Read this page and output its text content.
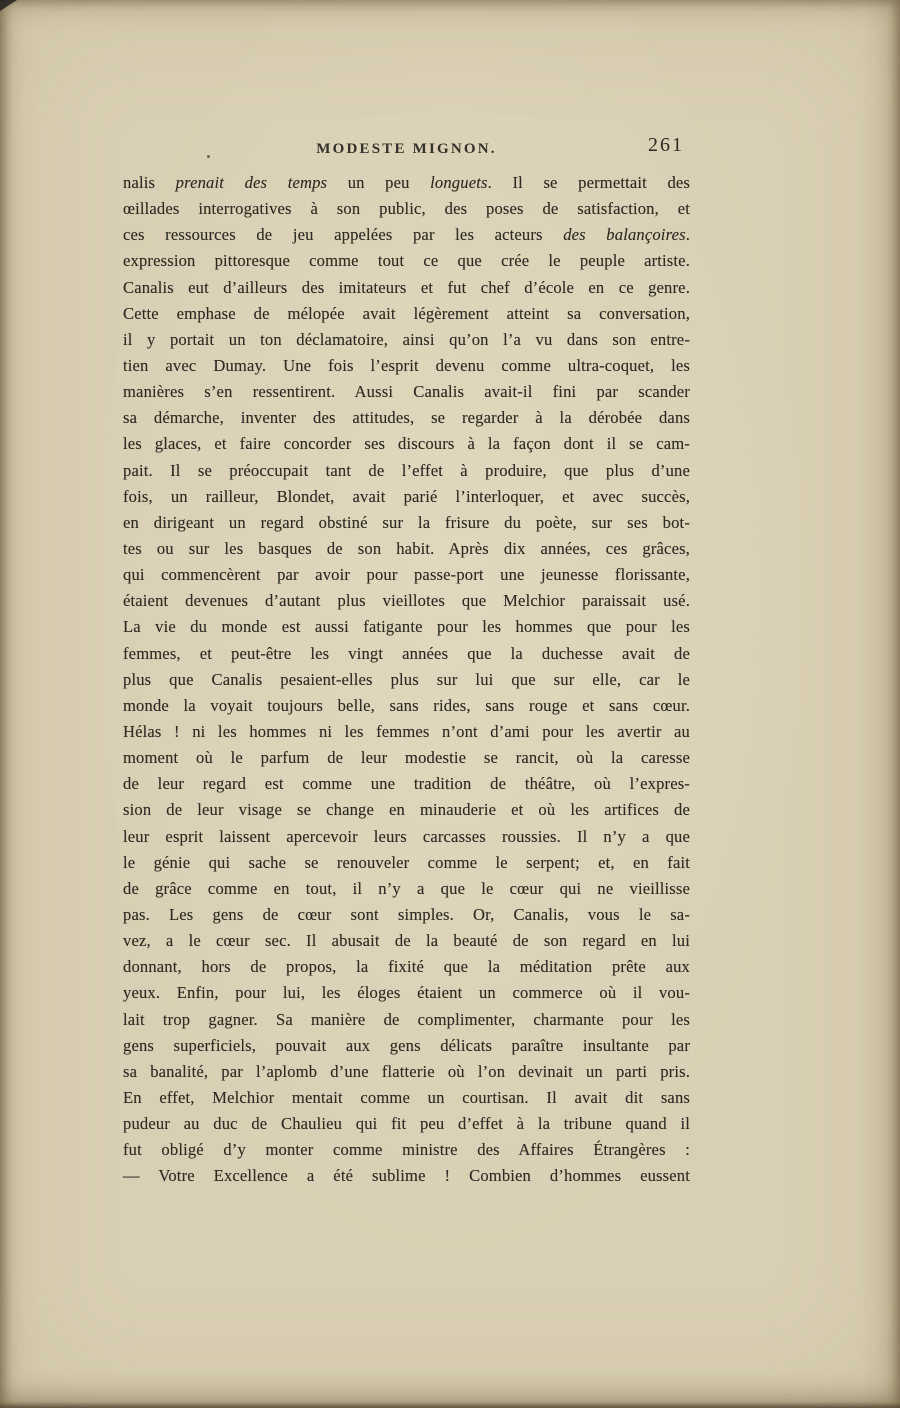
MODESTE MIGNON.	261
nalis prenait des temps un peu longuets. Il se permettait des
œillades interrogatives à son public, des poses de satisfaction, et
ces ressources de jeu appelées par les acteurs des balançoires.
expression pittoresque comme tout ce que crée le peuple artiste.
Canalis eut d’ailleurs des imitateurs et fut chef d’école en ce genre.
Cette emphase de mélopée avait légèrement atteint sa conversation,
il y portait un ton déclamatoire, ainsi qu’on l’a vu dans son entre-
tien avec Dumay. Une fois l’esprit devenu comme ultra-coquet, les
manières s’en ressentirent. Aussi Canalis avait-il fini par scander
sa démarche, inventer des attitudes, se regarder à la dérobée dans
les glaces, et faire concorder ses discours à la façon dont il se cam-
pait. Il se préoccupait tant de l’effet à produire, que plus d’une
fois, un railleur, Blondet, avait parié l’interloquer, et avec succès,
en dirigeant un regard obstiné sur la frisure du poète, sur ses bot-
tes ou sur les basques de son habit. Après dix années, ces grâces,
qui commencèrent par avoir pour passe-port une jeunesse florissante,
étaient devenues d’autant plus vieillotes que Melchior paraissait usé.
La vie du monde est aussi fatigante pour les hommes que pour les
femmes, et peut-être les vingt années que la duchesse avait de
plus que Canalis pesaient-elles plus sur lui que sur elle, car le
monde la voyait toujours belle, sans rides, sans rouge et sans cœur.
Hélas ! ni les hommes ni les femmes n’ont d’ami pour les avertir au
moment où le parfum de leur modestie se rancit, où la caresse
de leur regard est comme une tradition de théâtre, où l’expres-
sion de leur visage se change en minauderie et où les artifices de
leur esprit laissent apercevoir leurs carcasses roussies. Il n’y a que
le génie qui sache se renouveler comme le serpent; et, en fait
de grâce comme en tout, il n’y a que le cœur qui ne vieillisse
pas. Les gens de cœur sont simples. Or, Canalis, vous le sa-
vez, a le cœur sec. Il abusait de la beauté de son regard en lui
donnant, hors de propos, la fixité que la méditation prête aux
yeux. Enfin, pour lui, les éloges étaient un commerce où il vou-
lait trop gagner. Sa manière de complimenter, charmante pour les
gens superficiels, pouvait aux gens délicats paraître insultante par
sa banalité, par l’aplomb d’une flatterie où l’on devinait un parti pris.
En effet, Melchior mentait comme un courtisan. Il avait dit sans
pudeur au duc de Chaulieu qui fit peu d’effet à la tribune quand il
fut obligé d’y monter comme ministre des Affaires Étrangères :
— Votre Excellence a été sublime ! Combien d’hommes eussent
